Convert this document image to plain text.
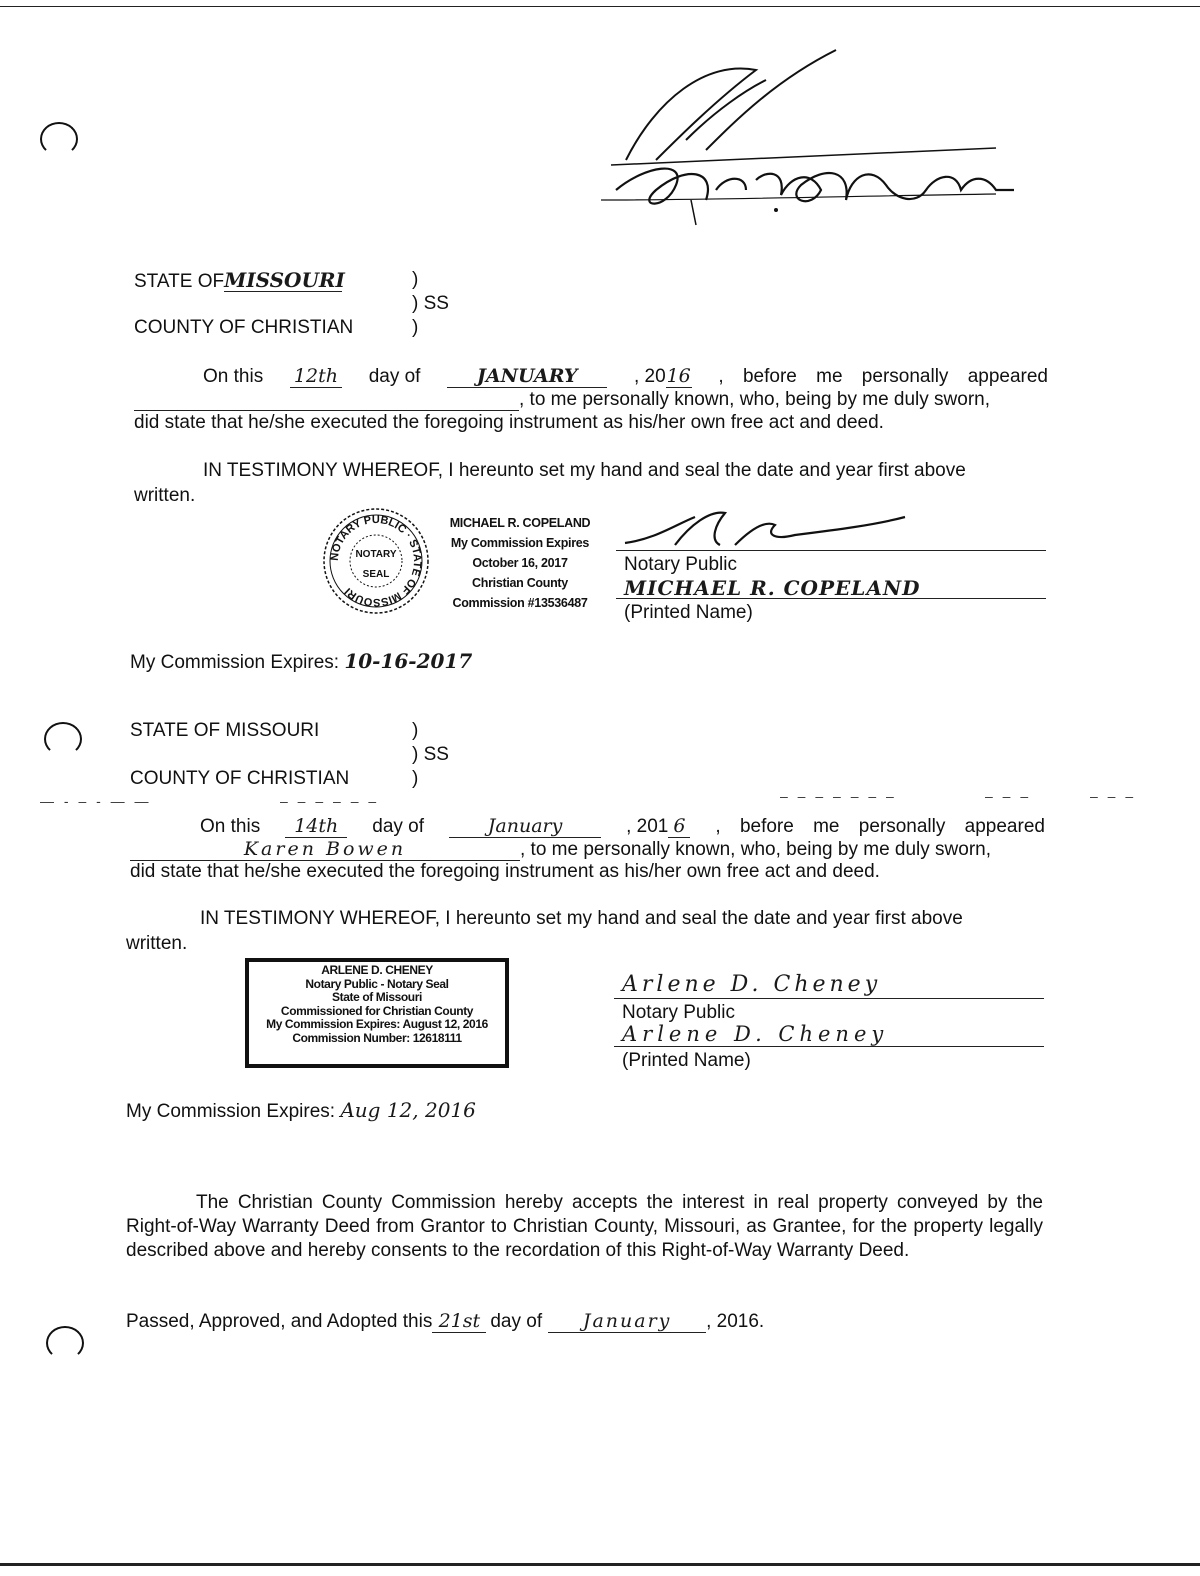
STATE OFMISSOURI	)
) SS
COUNTY OF CHRISTIAN	)
On this 12th day of	JANUARY	, 2016 , before me personally appeared
, to me personally known, who, being by me duly sworn,
did state that he/she executed the foregoing instrument as his/her own free act and deed.
IN TESTIMONY WHEREOF, I hereunto set my hand and seal the date and year first above
written.
NOTARY PUBLIC · STATE OF MISSOURI
NOTARY
SEAL
MICHAEL R. COPELAND
My Commission Expires
October 16, 2017
Christian County
Commission #13536487
Notary Public
MICHAEL R. COPELAND
(Printed Name)
My Commission Expires: 10-16-2017
STATE OF MISSOURI	)
) SS
COUNTY OF CHRISTIAN	)
— - – - — —	– – – – – –	– – – – – – –	– – –	– – –
On this	14th	day of	January	, 201 6 , before me personally appeared
Karen Bowen	, to me personally known, who, being by me duly sworn,
did state that he/she executed the foregoing instrument as his/her own free act and deed.
IN TESTIMONY WHEREOF, I hereunto set my hand and seal the date and year first above
written.
ARLENE D. CHENEY
Notary Public - Notary Seal
State of Missouri
Commissioned for Christian County
My Commission Expires: August 12, 2016
Commission Number: 12618111
Arlene D. Cheney
Notary Public
Arlene D. Cheney
(Printed Name)
My Commission Expires: Aug 12, 2016
The Christian County Commission hereby accepts the interest in real property conveyed by the Right-of-Way Warranty Deed from Grantor to Christian County, Missouri, as Grantee, for the property legally described above and hereby consents to the recordation of this Right-of-Way Warranty Deed.
Passed, Approved, and Adopted this 21st day of	January	, 2016.
